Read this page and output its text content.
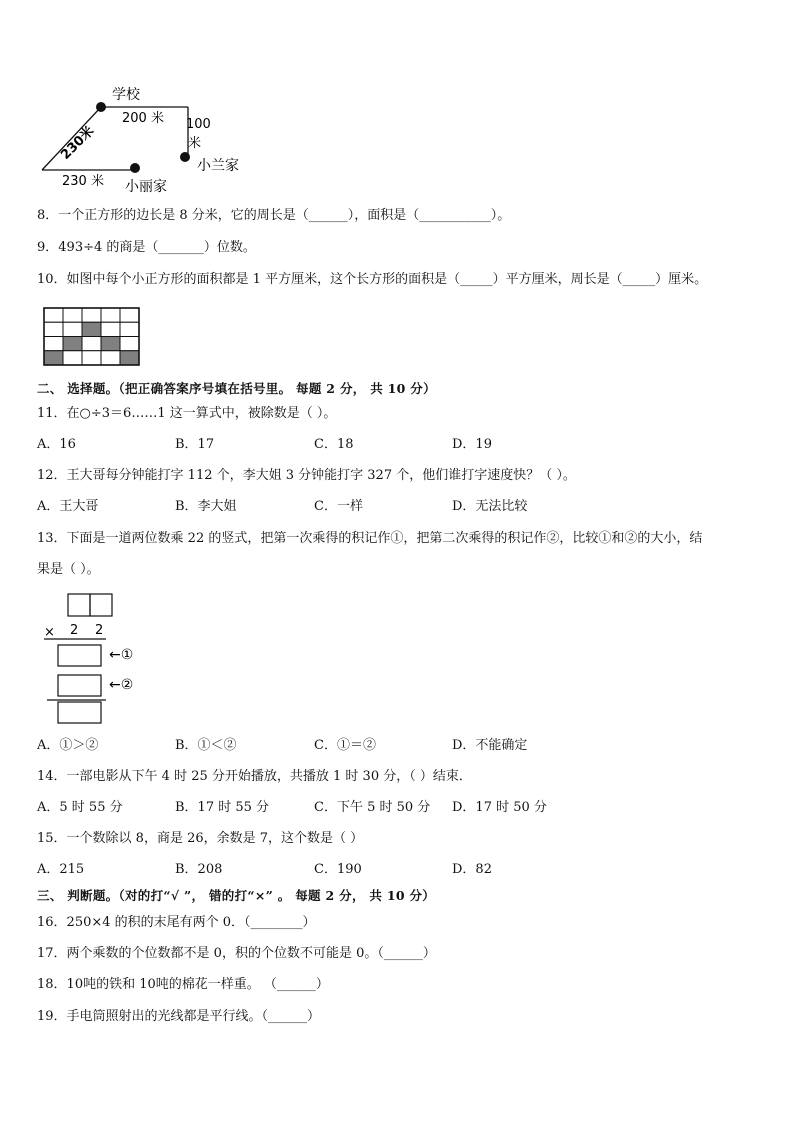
学校
200 米 100
米
230米
小兰家
230 米 小丽家
8．一个正方形的边长是 8 分米，它的周长是（______），面积是（___________）。
9．493÷4 的商是（_______）位数。
10．如图中每个小正方形的面积都是 1 平方厘米，这个长方形的面积是（_____）平方厘米，周长是（_____）厘米。
二、 选择题。（把正确答案序号填在括号里。 每题 2 分， 共 10 分）
11．在○÷3＝6……1 这一算式中，被除数是（ ）。
A．16	B．17	C．18	D．19
12．王大哥每分钟能打字 112 个，李大姐 3 分钟能打字 327 个，他们谁打字速度快？（ ）。
A．王大哥	B．李大姐	C．一样	D．无法比较
13．下面是一道两位数乘 22 的竖式，把第一次乘得的积记作①，把第二次乘得的积记作②，比较①和②的大小，结
果是（ ）。
× 2 2
←①
←②
A．①＞②	B．①＜②	C．①＝②	D．不能确定
14．一部电影从下午 4 时 25 分开始播放，共播放 1 时 30 分，（ ）结束．
A．5 时 55 分	B．17 时 55 分	C．下午 5 时 50 分 D．17 时 50 分
15．一个数除以 8，商是 26，余数是 7，这个数是（ ）
A．215	B．208	C．190	D．82
三、 判断题。（对的打“√ ”， 错的打“×” 。 每题 2 分， 共 10 分）
16．250×4 的积的末尾有两个 0．（________）
17．两个乘数的个位数都不是 0，积的个位数不可能是 0。（______）
18．10吨的铁和 10吨的棉花一样重。 （______）
19．手电筒照射出的光线都是平行线。（______）
